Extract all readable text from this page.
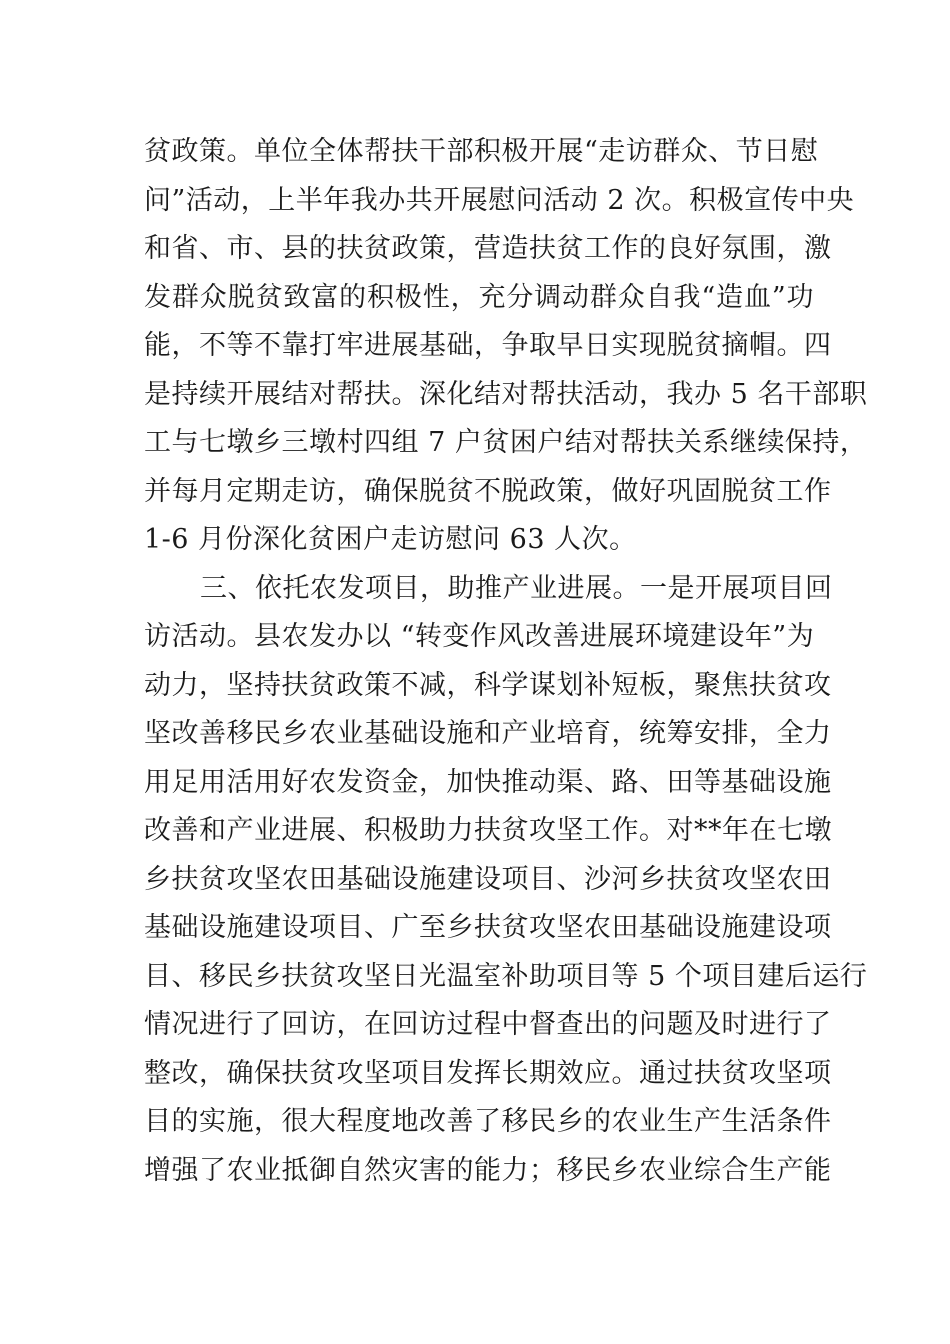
贫政策。单位全体帮扶干部积极开展“走访群众、节日慰
问”活动，上半年我办共开展慰问活动 2 次。积极宣传中央
和省、市、县的扶贫政策，营造扶贫工作的良好氛围，激
发群众脱贫致富的积极性，充分调动群众自我“造血”功
能，不等不靠打牢进展基础，争取早日实现脱贫摘帽。四
是持续开展结对帮扶。深化结对帮扶活动，我办 5 名干部职
工与七墩乡三墩村四组 7 户贫困户结对帮扶关系继续保持，
并每月定期走访，确保脱贫不脱政策，做好巩固脱贫工作
1-6 月份深化贫困户走访慰问 63 人次。
三、依托农发项目，助推产业进展。一是开展项目回
访活动。县农发办以 “转变作风改善进展环境建设年”为
动力，坚持扶贫政策不减，科学谋划补短板，聚焦扶贫攻
坚改善移民乡农业基础设施和产业培育，统筹安排，全力
用足用活用好农发资金，加快推动渠、路、田等基础设施
改善和产业进展、积极助力扶贫攻坚工作。对**年在七墩
乡扶贫攻坚农田基础设施建设项目、沙河乡扶贫攻坚农田
基础设施建设项目、广至乡扶贫攻坚农田基础设施建设项
目、移民乡扶贫攻坚日光温室补助项目等 5 个项目建后运行
情况进行了回访，在回访过程中督查出的问题及时进行了
整改，确保扶贫攻坚项目发挥长期效应。通过扶贫攻坚项
目的实施，很大程度地改善了移民乡的农业生产生活条件
增强了农业抵御自然灾害的能力；移民乡农业综合生产能
